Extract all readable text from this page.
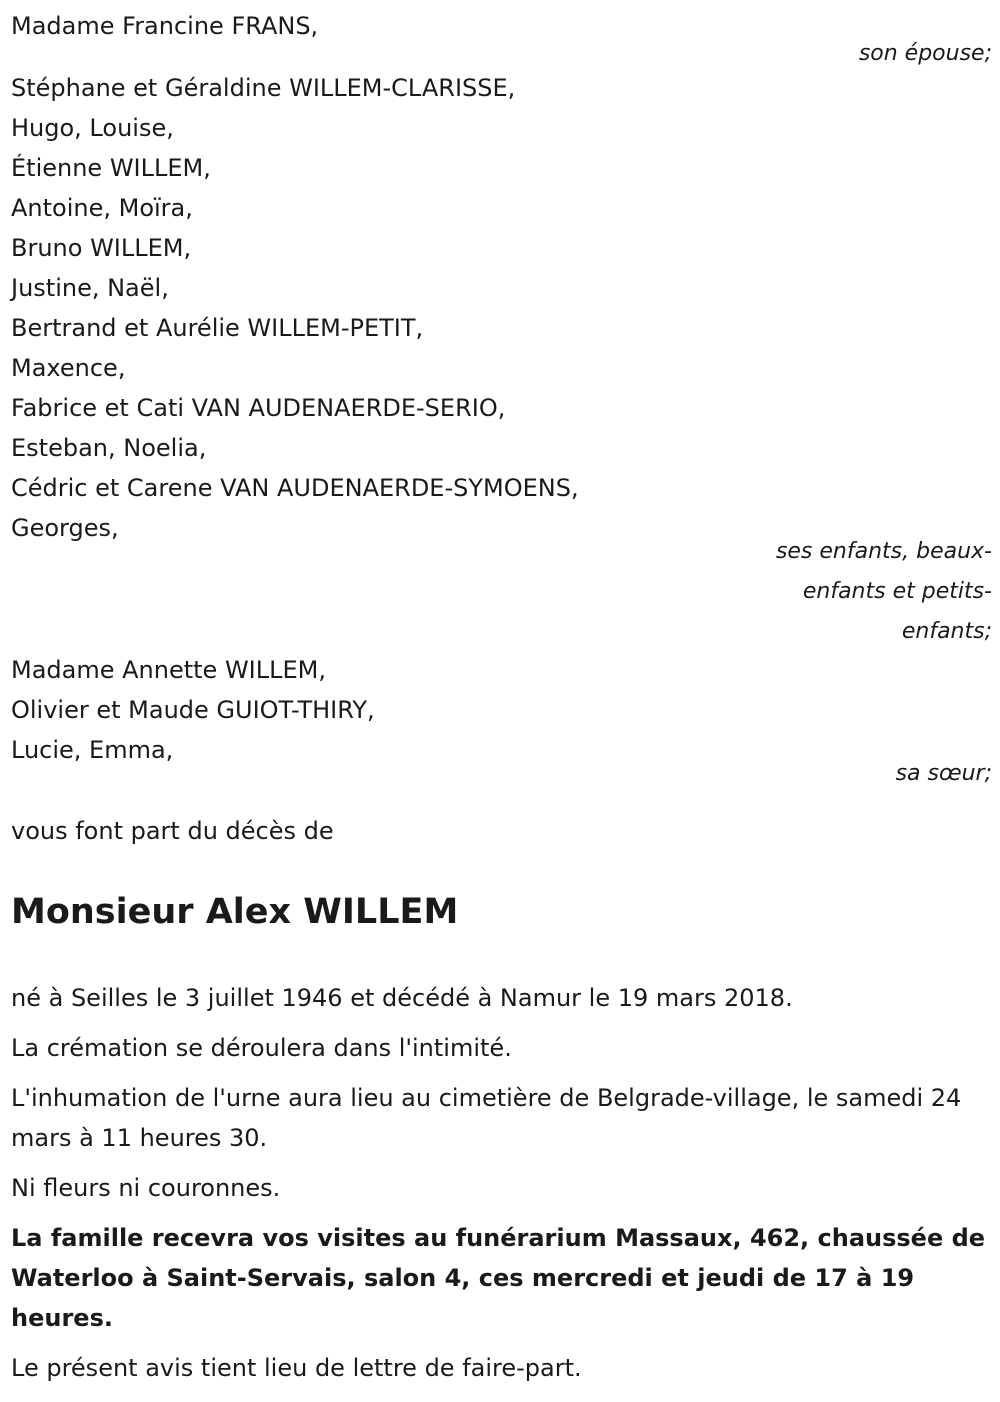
Madame Francine FRANS,
son épouse;
Stéphane et Géraldine WILLEM-CLARISSE,
Hugo, Louise,
Étienne WILLEM,
Antoine, Moïra,
Bruno WILLEM,
Justine, Naël,
Bertrand et Aurélie WILLEM-PETIT,
Maxence,
Fabrice et Cati VAN AUDENAERDE-SERIO,
Esteban, Noelia,
Cédric et Carene VAN AUDENAERDE-SYMOENS,
Georges,
ses enfants, beaux-
enfants et petits-
enfants;
Madame Annette WILLEM,
Olivier et Maude GUIOT-THIRY,
Lucie, Emma,
sa sœur;
vous font part du décès de
Monsieur Alex WILLEM
né à Seilles le 3 juillet 1946 et décédé à Namur le 19 mars 2018.
La crémation se déroulera dans l'intimité.
L'inhumation de l'urne aura lieu au cimetière de Belgrade-village, le samedi 24 mars à 11 heures 30.
Ni fleurs ni couronnes.
La famille recevra vos visites au funérarium Massaux, 462, chaussée de Waterloo à Saint-Servais, salon 4, ces mercredi et jeudi de 17 à 19 heures.
Le présent avis tient lieu de lettre de faire-part.
